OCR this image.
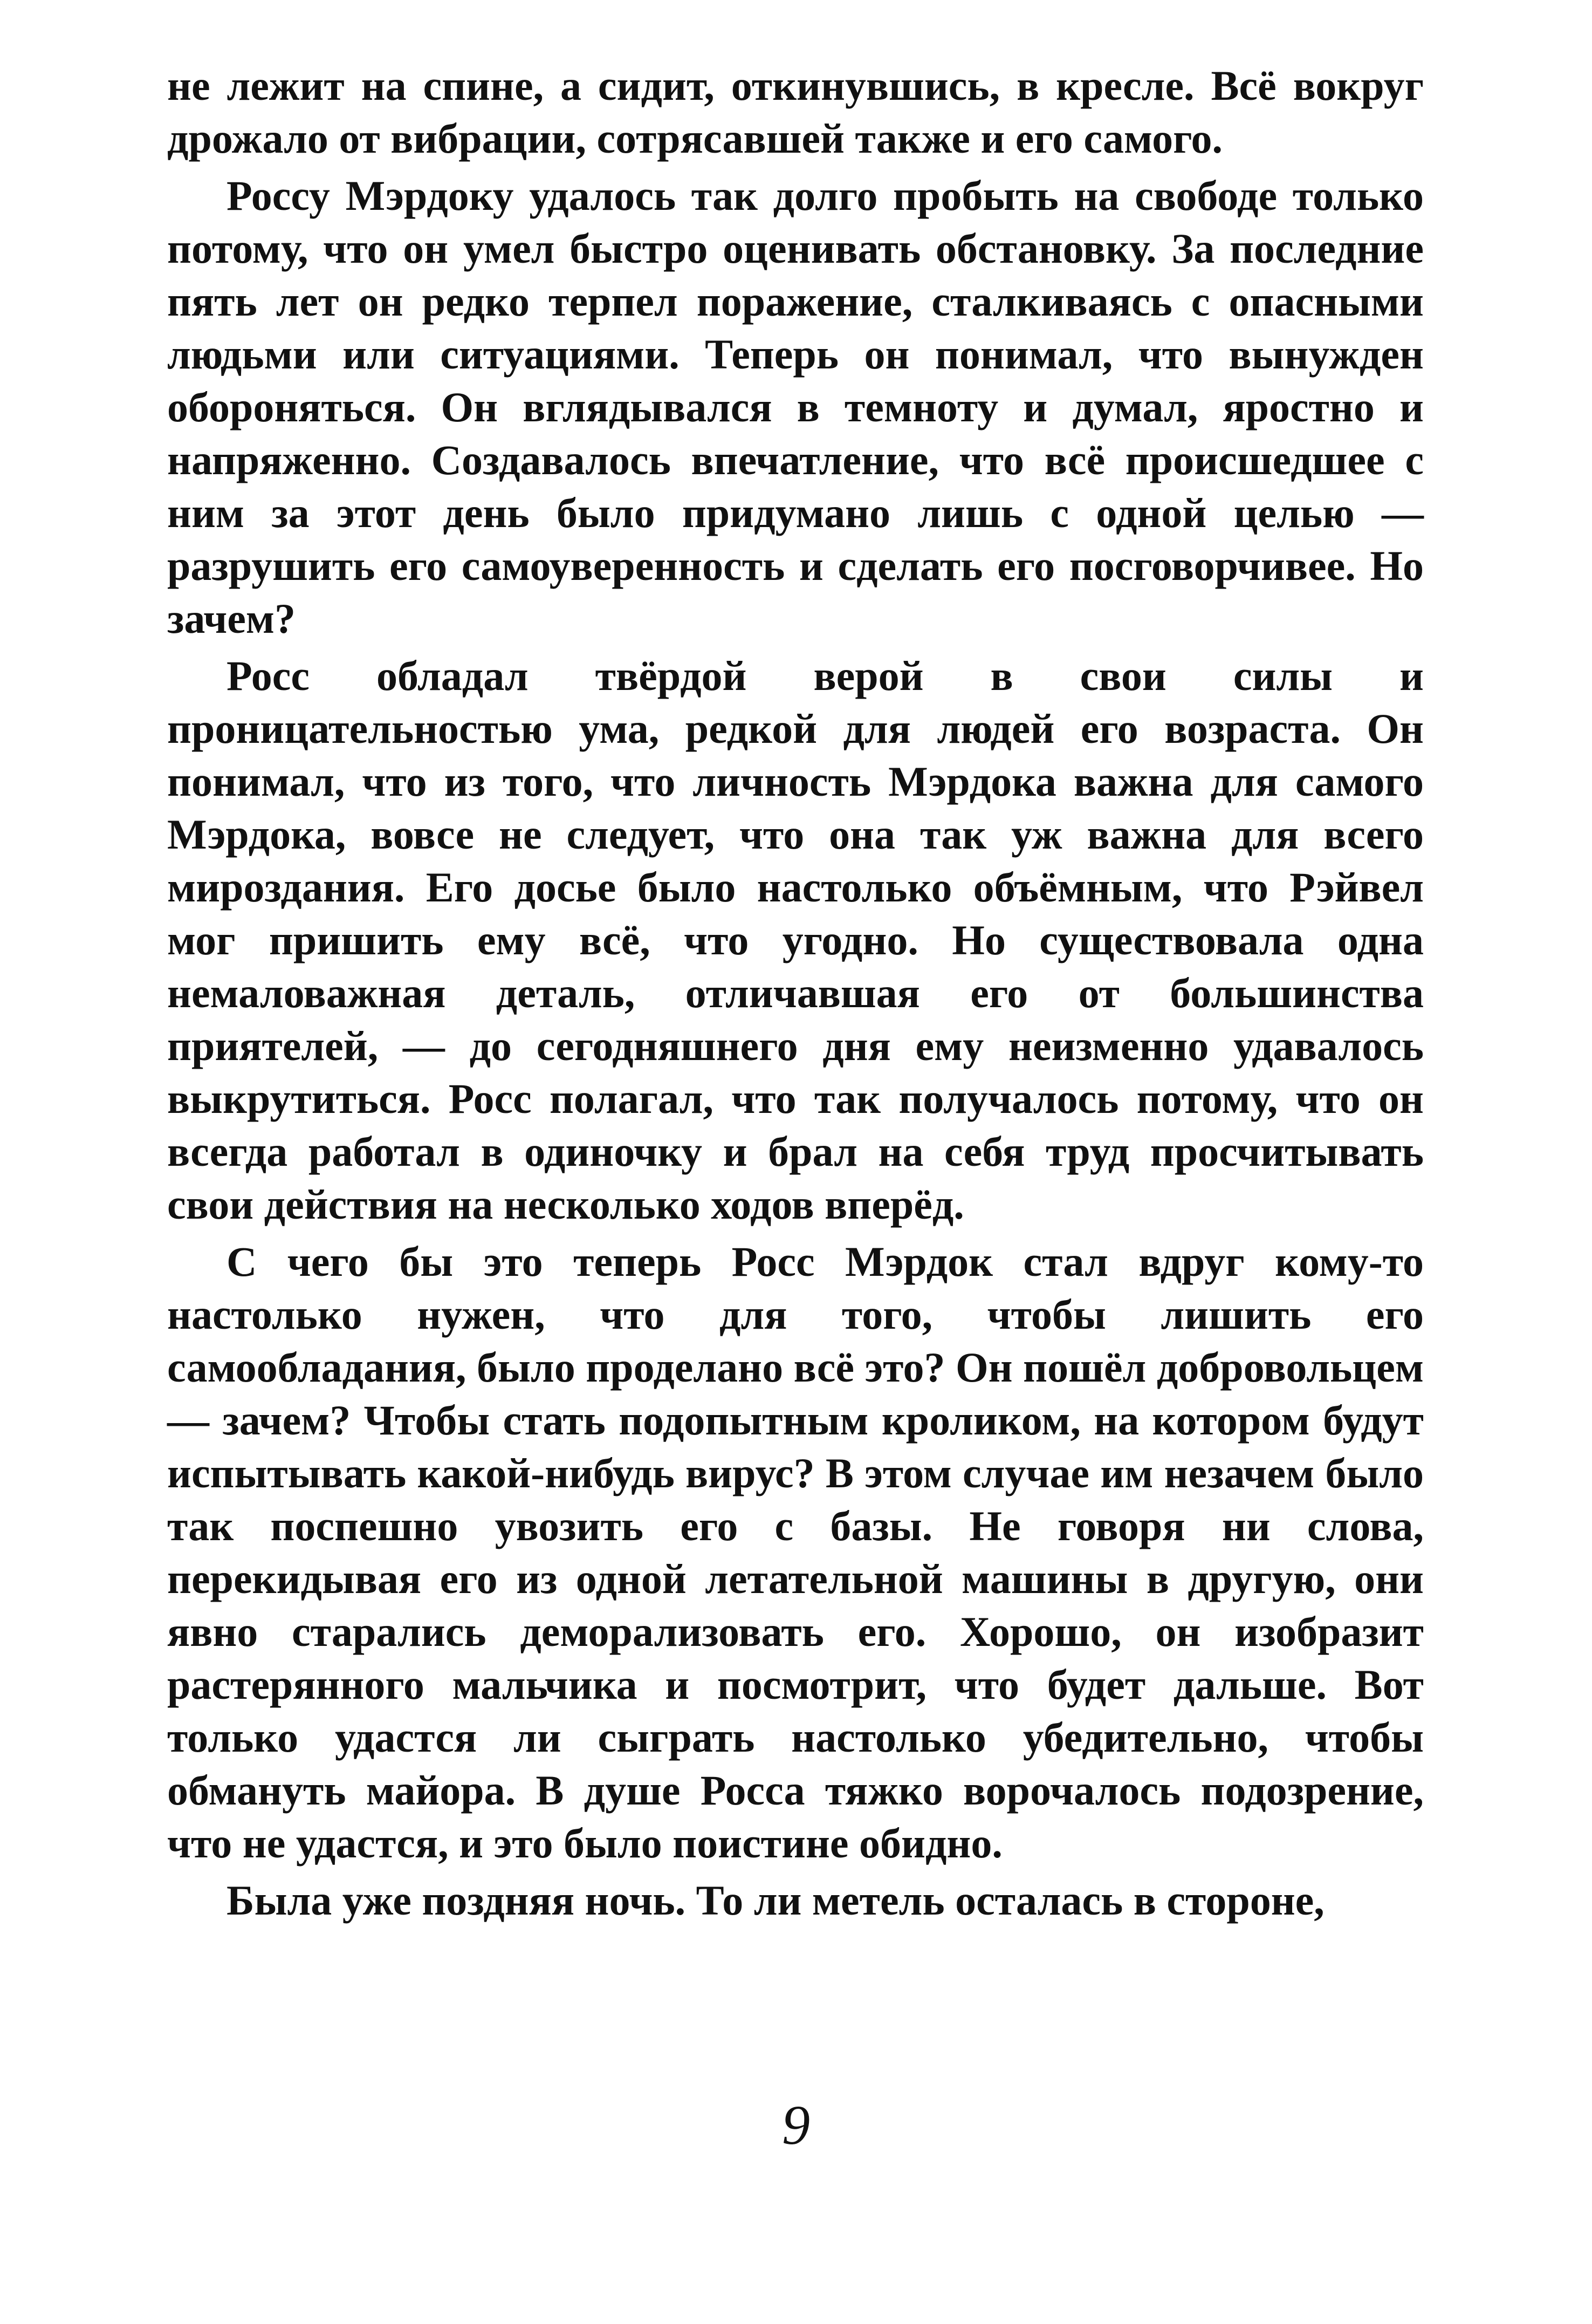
не лежит на спине, а сидит, откинувшись, в кресле. Всё вокруг дрожало от вибрации, сотрясавшей также и его самого.

Россу Мэрдоку удалось так долго пробыть на свободе только потому, что он умел быстро оценивать обстановку. За последние пять лет он редко терпел поражение, сталкиваясь с опасными людьми или ситуациями. Теперь он понимал, что вынужден обороняться. Он вглядывался в темноту и думал, яростно и напряженно. Создавалось впечатление, что всё происшедшее с ним за этот день было придумано лишь с одной целью — разрушить его самоуверенность и сделать его посговорчивее. Но зачем?

Росс обладал твёрдой верой в свои силы и проницательностью ума, редкой для людей его возраста. Он понимал, что из того, что личность Мэрдока важна для самого Мэрдока, вовсе не следует, что она так уж важна для всего мироздания. Его досье было настолько объёмным, что Рэйвел мог пришить ему всё, что угодно. Но существовала одна немаловажная деталь, отличавшая его от большинства приятелей, — до сегодняшнего дня ему неизменно удавалось выкрутиться. Росс полагал, что так получалось потому, что он всегда работал в одиночку и брал на себя труд просчитывать свои действия на несколько ходов вперёд.

С чего бы это теперь Росс Мэрдок стал вдруг кому-то настолько нужен, что для того, чтобы лишить его самообладания, было проделано всё это? Он пошёл добровольцем — зачем? Чтобы стать подопытным кроликом, на котором будут испытывать какой-нибудь вирус? В этом случае им незачем было так поспешно увозить его с базы. Не говоря ни слова, перекидывая его из одной летательной машины в другую, они явно старались деморализовать его. Хорошо, он изобразит растерянного мальчика и посмотрит, что будет дальше. Вот только удастся ли сыграть настолько убедительно, чтобы обмануть майора. В душе Росса тяжко ворочалось подозрение, что не удастся, и это было поистине обидно.

Была уже поздняя ночь. То ли метель осталась в стороне,

9
